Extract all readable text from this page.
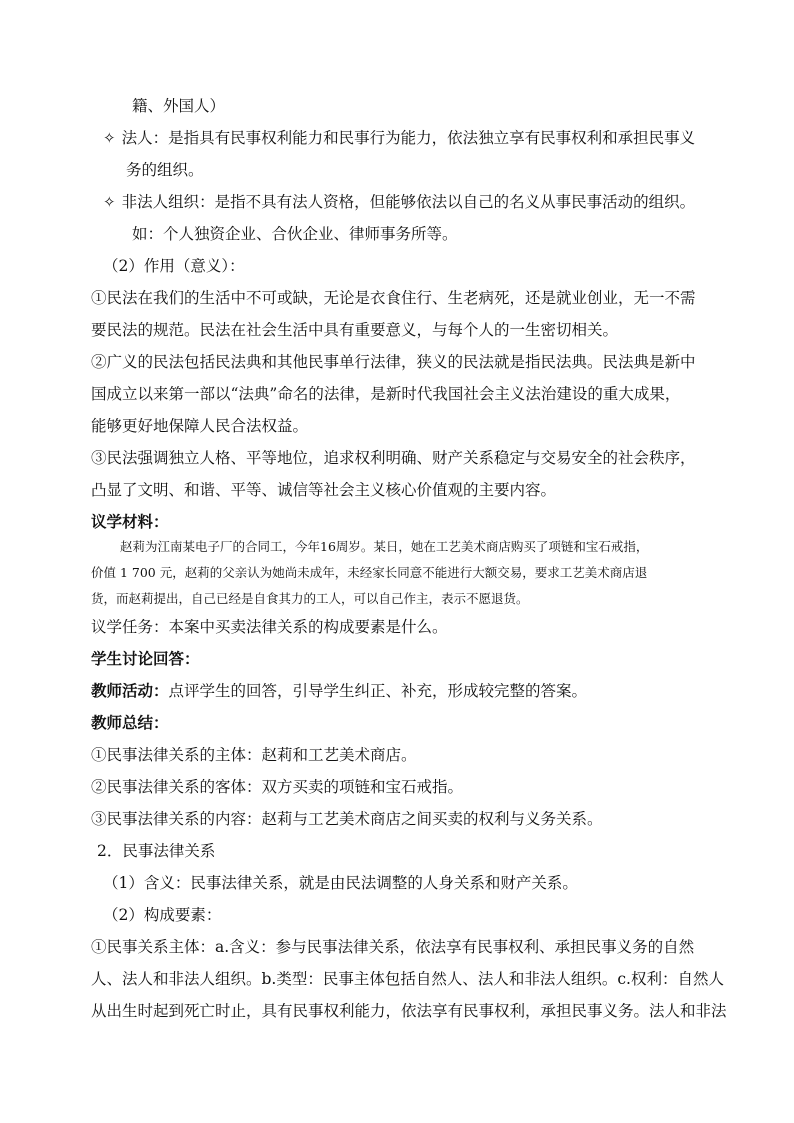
籍、外国人）
✧ 法人：是指具有民事权利能力和民事行为能力，依法独立享有民事权利和承担民事义
务的组织。
✧ 非法人组织：是指不具有法人资格，但能够依法以自己的名义从事民事活动的组织。
如：个人独资企业、合伙企业、律师事务所等。
（2）作用（意义）：
①民法在我们的生活中不可或缺，无论是衣食住行、生老病死，还是就业创业，无一不需
要民法的规范。民法在社会生活中具有重要意义，与每个人的一生密切相关。
②广义的民法包括民法典和其他民事单行法律，狭义的民法就是指民法典。民法典是新中
国成立以来第一部以“法典”命名的法律，是新时代我国社会主义法治建设的重大成果，
能够更好地保障人民合法权益。
③民法强调独立人格、平等地位，追求权利明确、财产关系稳定与交易安全的社会秩序，
凸显了文明、和谐、平等、诚信等社会主义核心价值观的主要内容。
议学材料：
赵莉为江南某电子厂的合同工，今年16周岁。某日，她在工艺美术商店购买了项链和宝石戒指，
价值 1 700 元，赵莉的父亲认为她尚未成年，未经家长同意不能进行大额交易，要求工艺美术商店退
货，而赵莉提出，自己已经是自食其力的工人，可以自己作主，表示不愿退货。
议学任务：本案中买卖法律关系的构成要素是什么。
学生讨论回答：
教师活动：点评学生的回答，引导学生纠正、补充，形成较完整的答案。
教师总结：
①民事法律关系的主体：赵莉和工艺美术商店。
②民事法律关系的客体：双方买卖的项链和宝石戒指。
③民事法律关系的内容：赵莉与工艺美术商店之间买卖的权利与义务关系。
2．民事法律关系
（1）含义：民事法律关系，就是由民法调整的人身关系和财产关系。
（2）构成要素：
①民事关系主体：a.含义：参与民事法律关系，依法享有民事权利、承担民事义务的自然
人、法人和非法人组织。b.类型：民事主体包括自然人、法人和非法人组织。c.权利：自然人
从出生时起到死亡时止，具有民事权利能力，依法享有民事权利，承担民事义务。法人和非法
